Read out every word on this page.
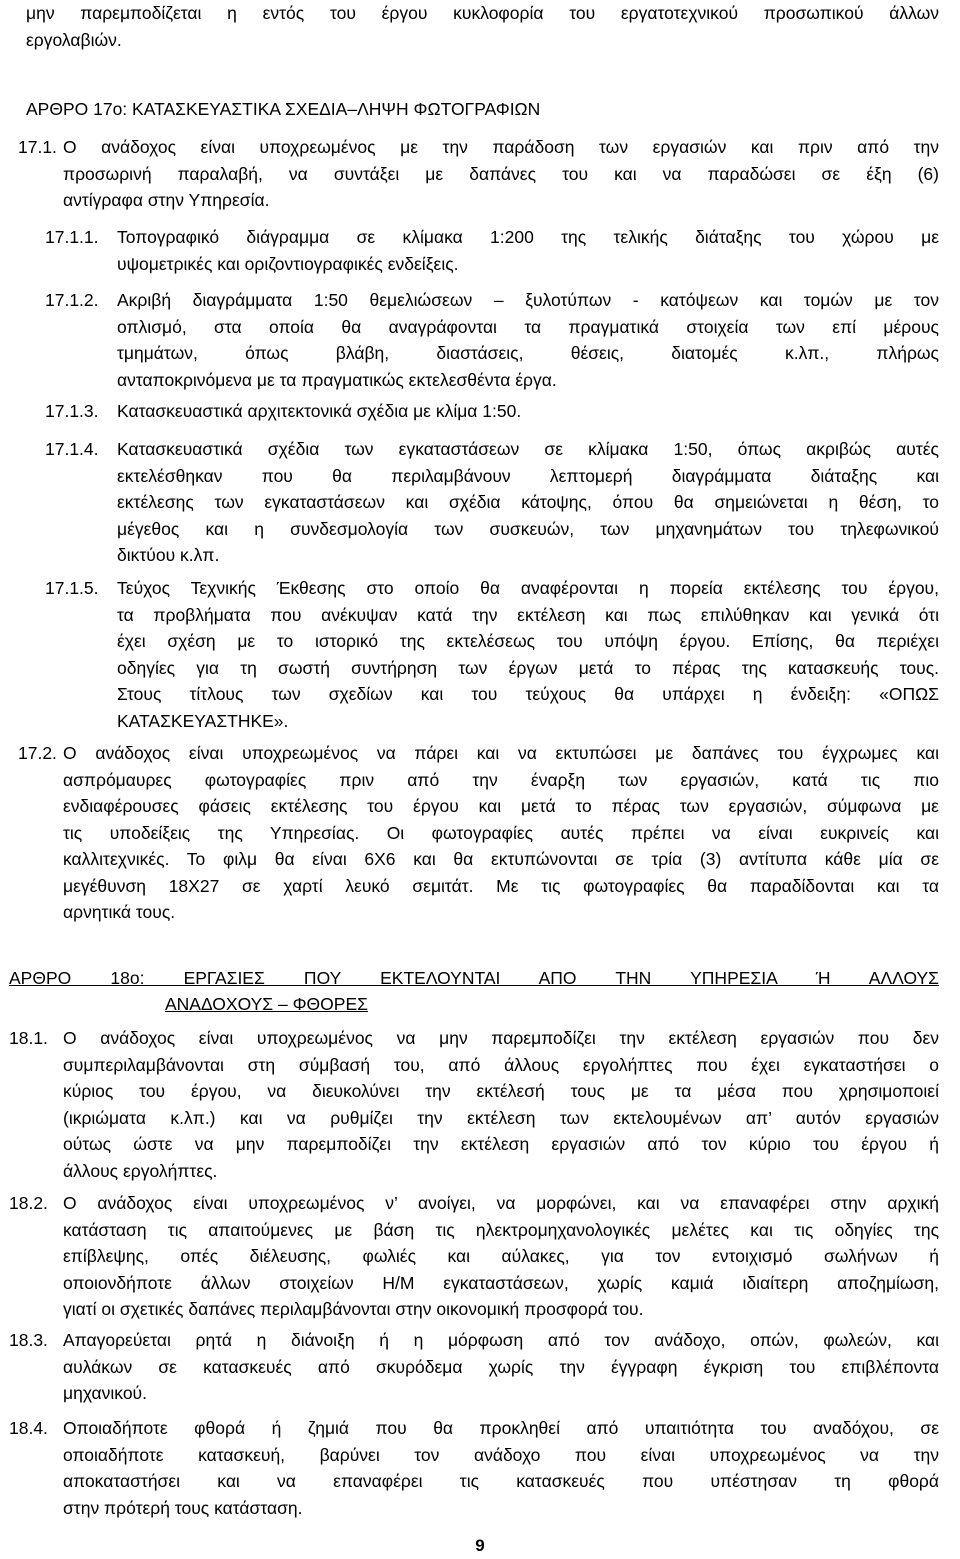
μην παρεμποδίζεται η εντός του έργου κυκλοφορία του εργατοτεχνικού προσωπικού άλλων
εργολαβιών.
ΑΡΘΡΟ 17ο: ΚΑΤΑΣΚΕΥΑΣΤΙΚΑ ΣΧΕΔΙΑ–ΛΗΨΗ ΦΩΤΟΓΡΑΦΙΩΝ
17.1. Ο ανάδοχος είναι υποχρεωμένος με την παράδοση των εργασιών και πριν από την
προσωρινή παραλαβή, να συντάξει με δαπάνες του και να παραδώσει σε έξη (6)
αντίγραφα στην Υπηρεσία.
17.1.1. Τοπογραφικό διάγραμμα σε κλίμακα 1:200 της τελικής διάταξης του χώρου με
υψομετρικές και οριζοντιογραφικές ενδείξεις.
17.1.2. Ακριβή διαγράμματα 1:50 θεμελιώσεων – ξυλοτύπων - κατόψεων και τομών με τον
οπλισμό, στα οποία θα αναγράφονται τα πραγματικά στοιχεία των επί μέρους
τμημάτων, όπως βλάβη, διαστάσεις, θέσεις, διατομές κ.λπ., πλήρως
ανταποκρινόμενα με τα πραγματικώς εκτελεσθέντα έργα.
17.1.3. Κατασκευαστικά αρχιτεκτονικά σχέδια με κλίμα 1:50.
17.1.4. Κατασκευαστικά σχέδια των εγκαταστάσεων σε κλίμακα 1:50, όπως ακριβώς αυτές
εκτελέσθηκαν που θα περιλαμβάνουν λεπτομερή διαγράμματα διάταξης και
εκτέλεσης των εγκαταστάσεων και σχέδια κάτοψης, όπου θα σημειώνεται η θέση, το
μέγεθος και η συνδεσμολογία των συσκευών, των μηχανημάτων του τηλεφωνικού
δικτύου κ.λπ.
17.1.5. Τεύχος Τεχνικής Έκθεσης στο οποίο θα αναφέρονται η πορεία εκτέλεσης του έργου,
τα προβλήματα που ανέκυψαν κατά την εκτέλεση και πως επιλύθηκαν και γενικά ότι
έχει σχέση με το ιστορικό της εκτελέσεως του υπόψη έργου. Επίσης, θα περιέχει
οδηγίες για τη σωστή συντήρηση των έργων μετά το πέρας της κατασκευής τους.
Στους τίτλους των σχεδίων και του τεύχους θα υπάρχει η ένδειξη: «ΟΠΩΣ
ΚΑΤΑΣΚΕΥΑΣΤΗΚΕ».
17.2. Ο ανάδοχος είναι υποχρεωμένος να πάρει και να εκτυπώσει με δαπάνες του έγχρωμες και
ασπρόμαυρες φωτογραφίες πριν από την έναρξη των εργασιών, κατά τις πιο
ενδιαφέρουσες φάσεις εκτέλεσης του έργου και μετά το πέρας των εργασιών, σύμφωνα με
τις υποδείξεις της Υπηρεσίας. Οι φωτογραφίες αυτές πρέπει να είναι ευκρινείς και
καλλιτεχνικές. Το φιλμ θα είναι 6Χ6 και θα εκτυπώνονται σε τρία (3) αντίτυπα κάθε μία σε
μεγέθυνση 18Χ27 σε χαρτί λευκό σεμιτάτ. Με τις φωτογραφίες θα παραδίδονται και τα
αρνητικά τους.
ΑΡΘΡΟ 18ο: ΕΡΓΑΣΙΕΣ ΠΟΥ ΕΚΤΕΛΟΥΝΤΑΙ ΑΠΟ ΤΗΝ ΥΠΗΡΕΣΙΑ Ή ΑΛΛΟΥΣ
ΑΝΑΔΟΧΟΥΣ – ΦΘΟΡΕΣ
18.1. Ο ανάδοχος είναι υποχρεωμένος να μην παρεμποδίζει την εκτέλεση εργασιών που δεν
συμπεριλαμβάνονται στη σύμβασή του, από άλλους εργολήπτες που έχει εγκαταστήσει ο
κύριος του έργου, να διευκολύνει την εκτέλεσή τους με τα μέσα που χρησιμοποιεί
(ικριώματα κ.λπ.) και να ρυθμίζει την εκτέλεση των εκτελουμένων απ’ αυτόν εργασιών
ούτως ώστε να μην παρεμποδίζει την εκτέλεση εργασιών από τον κύριο του έργου ή
άλλους εργολήπτες.
18.2. Ο ανάδοχος είναι υποχρεωμένος ν’ ανοίγει, να μορφώνει, και να επαναφέρει στην αρχική
κατάσταση τις απαιτούμενες με βάση τις ηλεκτρομηχανολογικές μελέτες και τις οδηγίες της
επίβλεψης, οπές διέλευσης, φωλιές και αύλακες, για τον εντοιχισμό σωλήνων ή
οποιονδήποτε άλλων στοιχείων Η/Μ εγκαταστάσεων, χωρίς καμιά ιδιαίτερη αποζημίωση,
γιατί οι σχετικές δαπάνες περιλαμβάνονται στην οικονομική προσφορά του.
18.3. Απαγορεύεται ρητά η διάνοιξη ή η μόρφωση από τον ανάδοχο, οπών, φωλεών, και
αυλάκων σε κατασκευές από σκυρόδεμα χωρίς την έγγραφη έγκριση του επιβλέποντα
μηχανικού.
18.4. Οποιαδήποτε φθορά ή ζημιά που θα προκληθεί από υπαιτιότητα του αναδόχου, σε
οποιαδήποτε κατασκευή, βαρύνει τον ανάδοχο που είναι υποχρεωμένος να την
αποκαταστήσει και να επαναφέρει τις κατασκευές που υπέστησαν τη φθορά
στην πρότερή τους κατάσταση.
9
